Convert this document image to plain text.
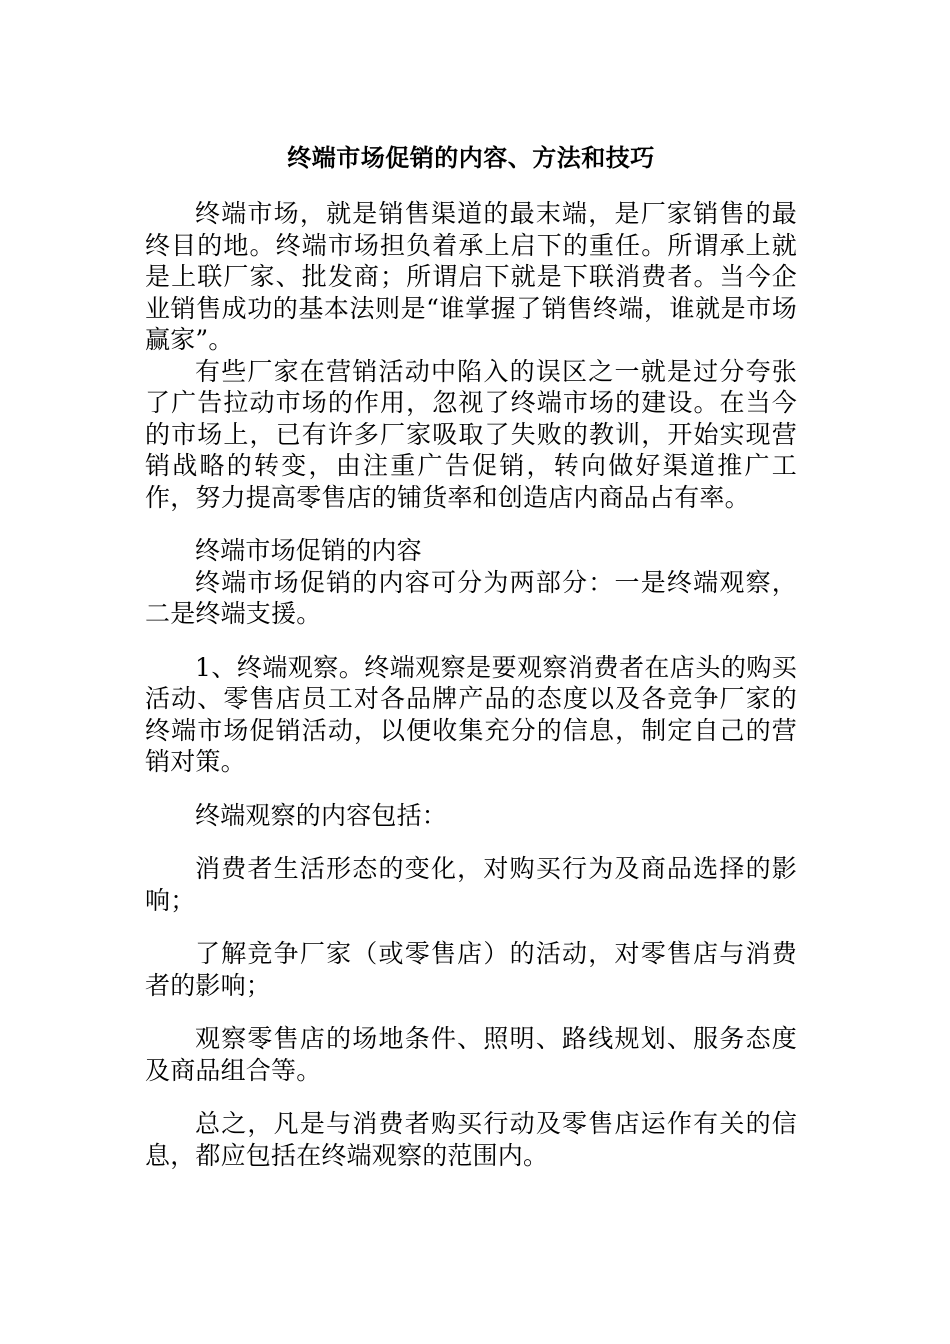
终端市场促销的内容、方法和技巧

终端市场，就是销售渠道的最末端，是厂家销售的最终目的地。终端市场担负着承上启下的重任。所谓承上就是上联厂家、批发商；所谓启下就是下联消费者。当今企业销售成功的基本法则是“谁掌握了销售终端，谁就是市场赢家”。

有些厂家在营销活动中陷入的误区之一就是过分夸张了广告拉动市场的作用，忽视了终端市场的建设。在当今的市场上，已有许多厂家吸取了失败的教训，开始实现营销战略的转变，由注重广告促销，转向做好渠道推广工作，努力提高零售店的铺货率和创造店内商品占有率。

终端市场促销的内容

终端市场促销的内容可分为两部分：一是终端观察，二是终端支援。

1、终端观察。终端观察是要观察消费者在店头的购买活动、零售店员工对各品牌产品的态度以及各竞争厂家的终端市场促销活动，以便收集充分的信息，制定自己的营销对策。

终端观察的内容包括：

消费者生活形态的变化，对购买行为及商品选择的影响；

了解竞争厂家（或零售店）的活动，对零售店与消费者的影响；

观察零售店的场地条件、照明、路线规划、服务态度及商品组合等。

总之，凡是与消费者购买行动及零售店运作有关的信息，都应包括在终端观察的范围内。
